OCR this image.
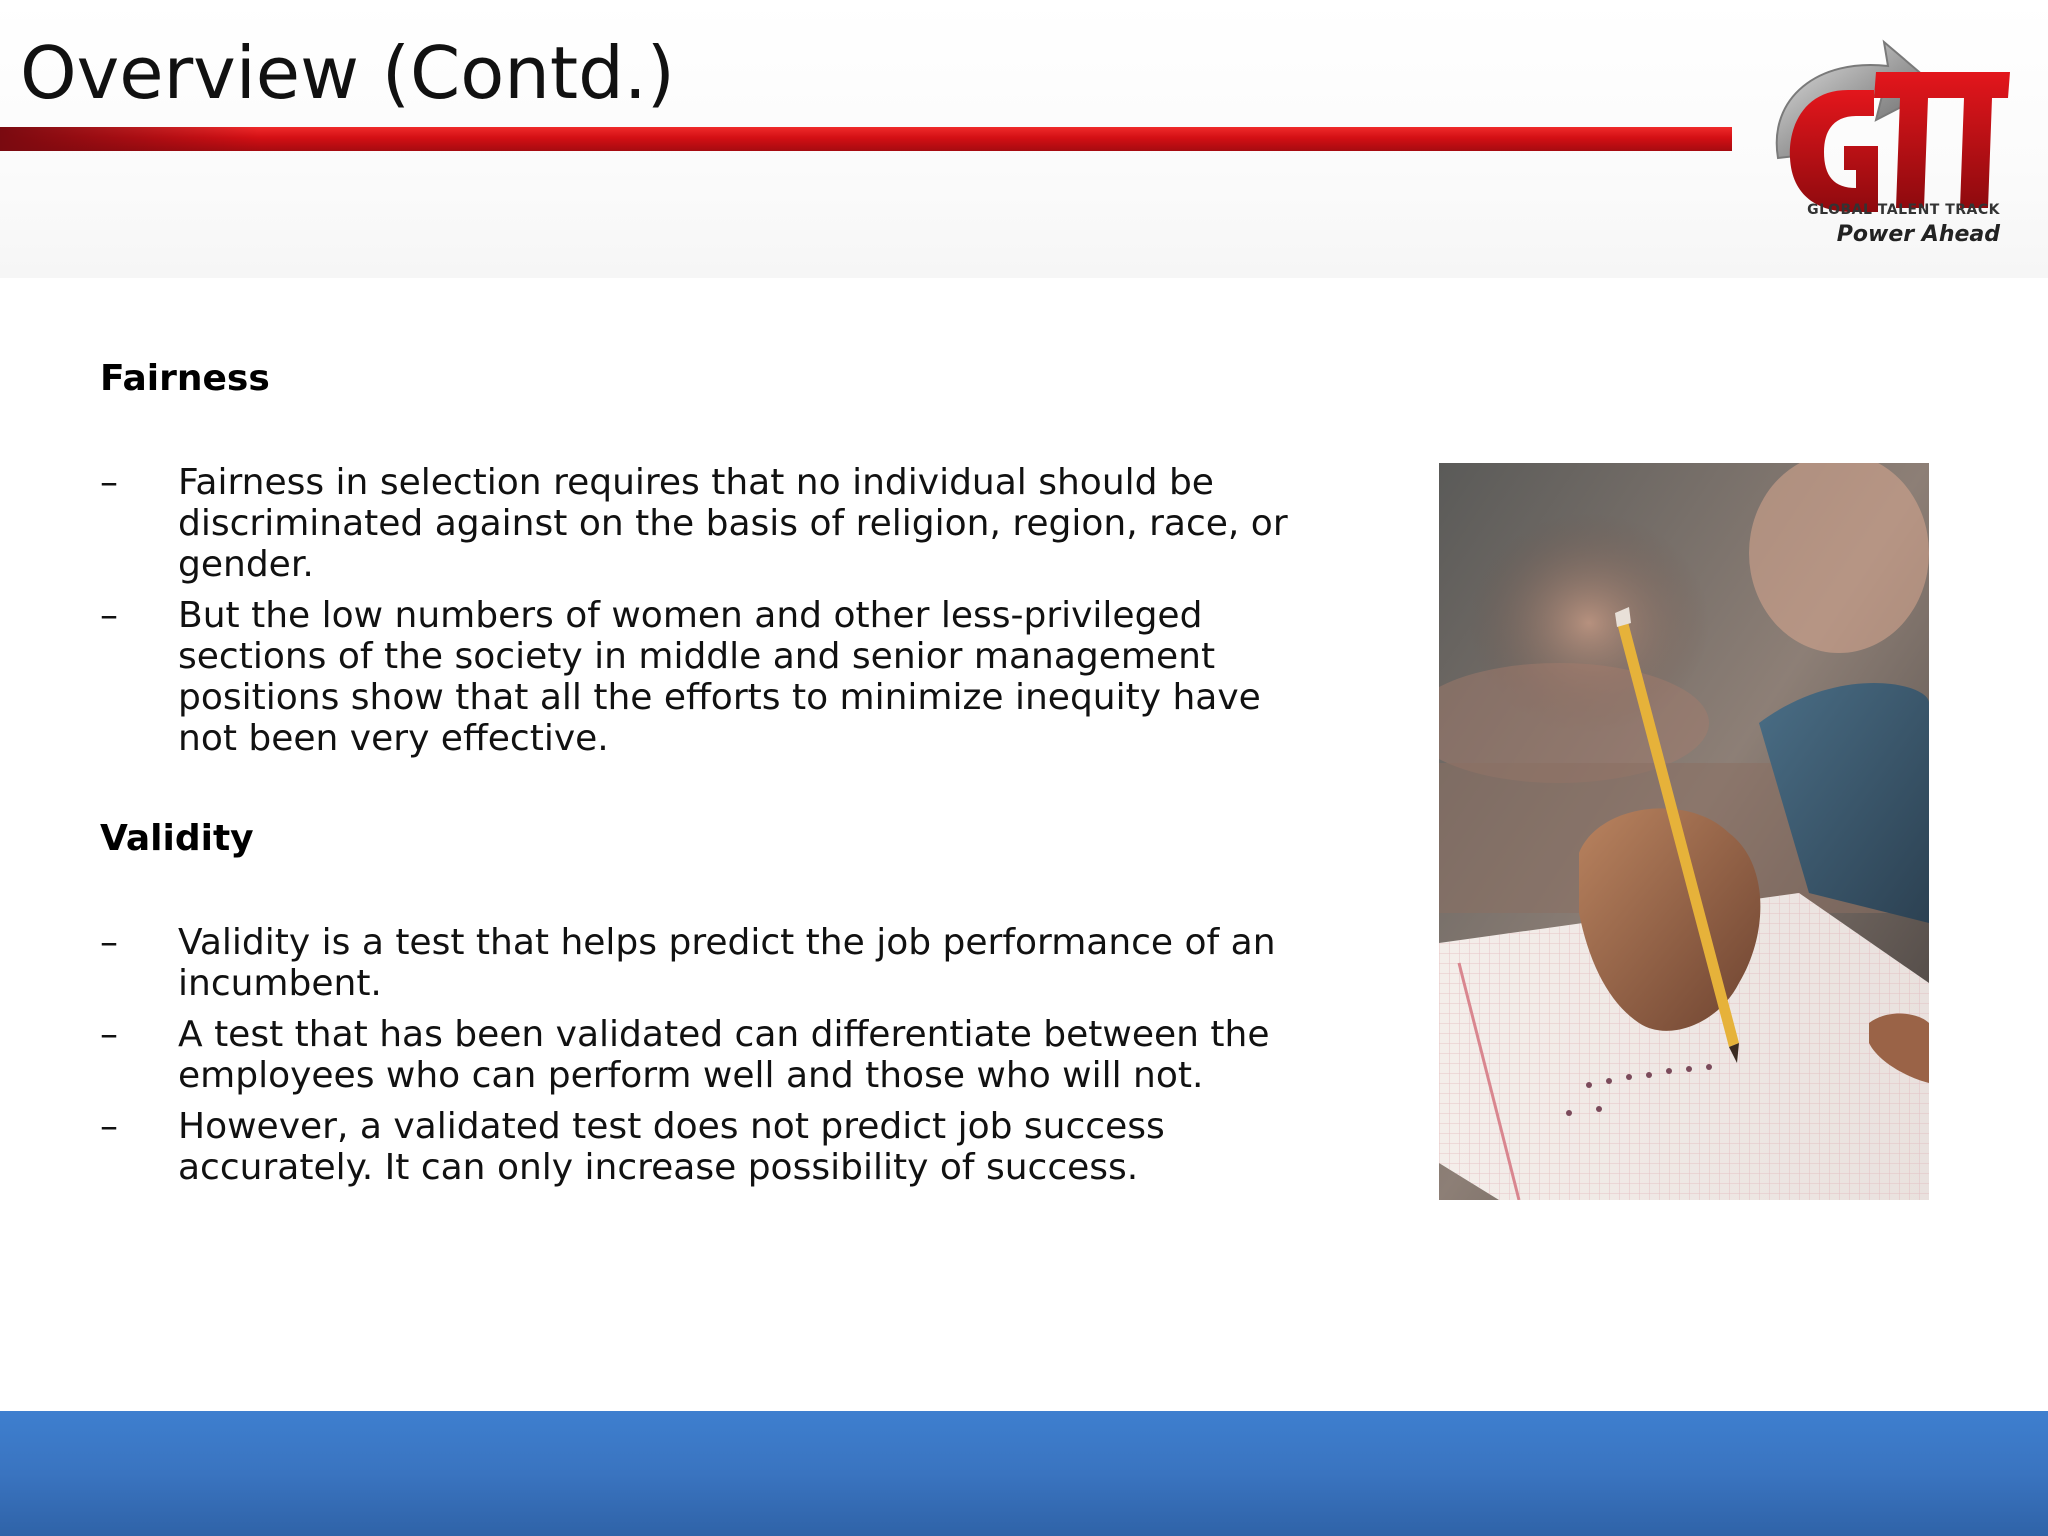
Overview (Contd.)
GLOBAL TALENT TRACK
Power Ahead
Fairness
– Fairness in selection requires that no individual should be discriminated against on the basis of religion, region, race, or gender.
– But the low numbers of women and other less-privileged sections of the society in middle and senior management positions show that all the efforts to minimize inequity have not been very effective.
Validity
– Validity is a test that helps predict the job performance of an incumbent.
– A test that has been validated can differentiate between the employees who can perform well and those who will not.
– However, a validated test does not predict job success accurately. It can only increase possibility of success.
